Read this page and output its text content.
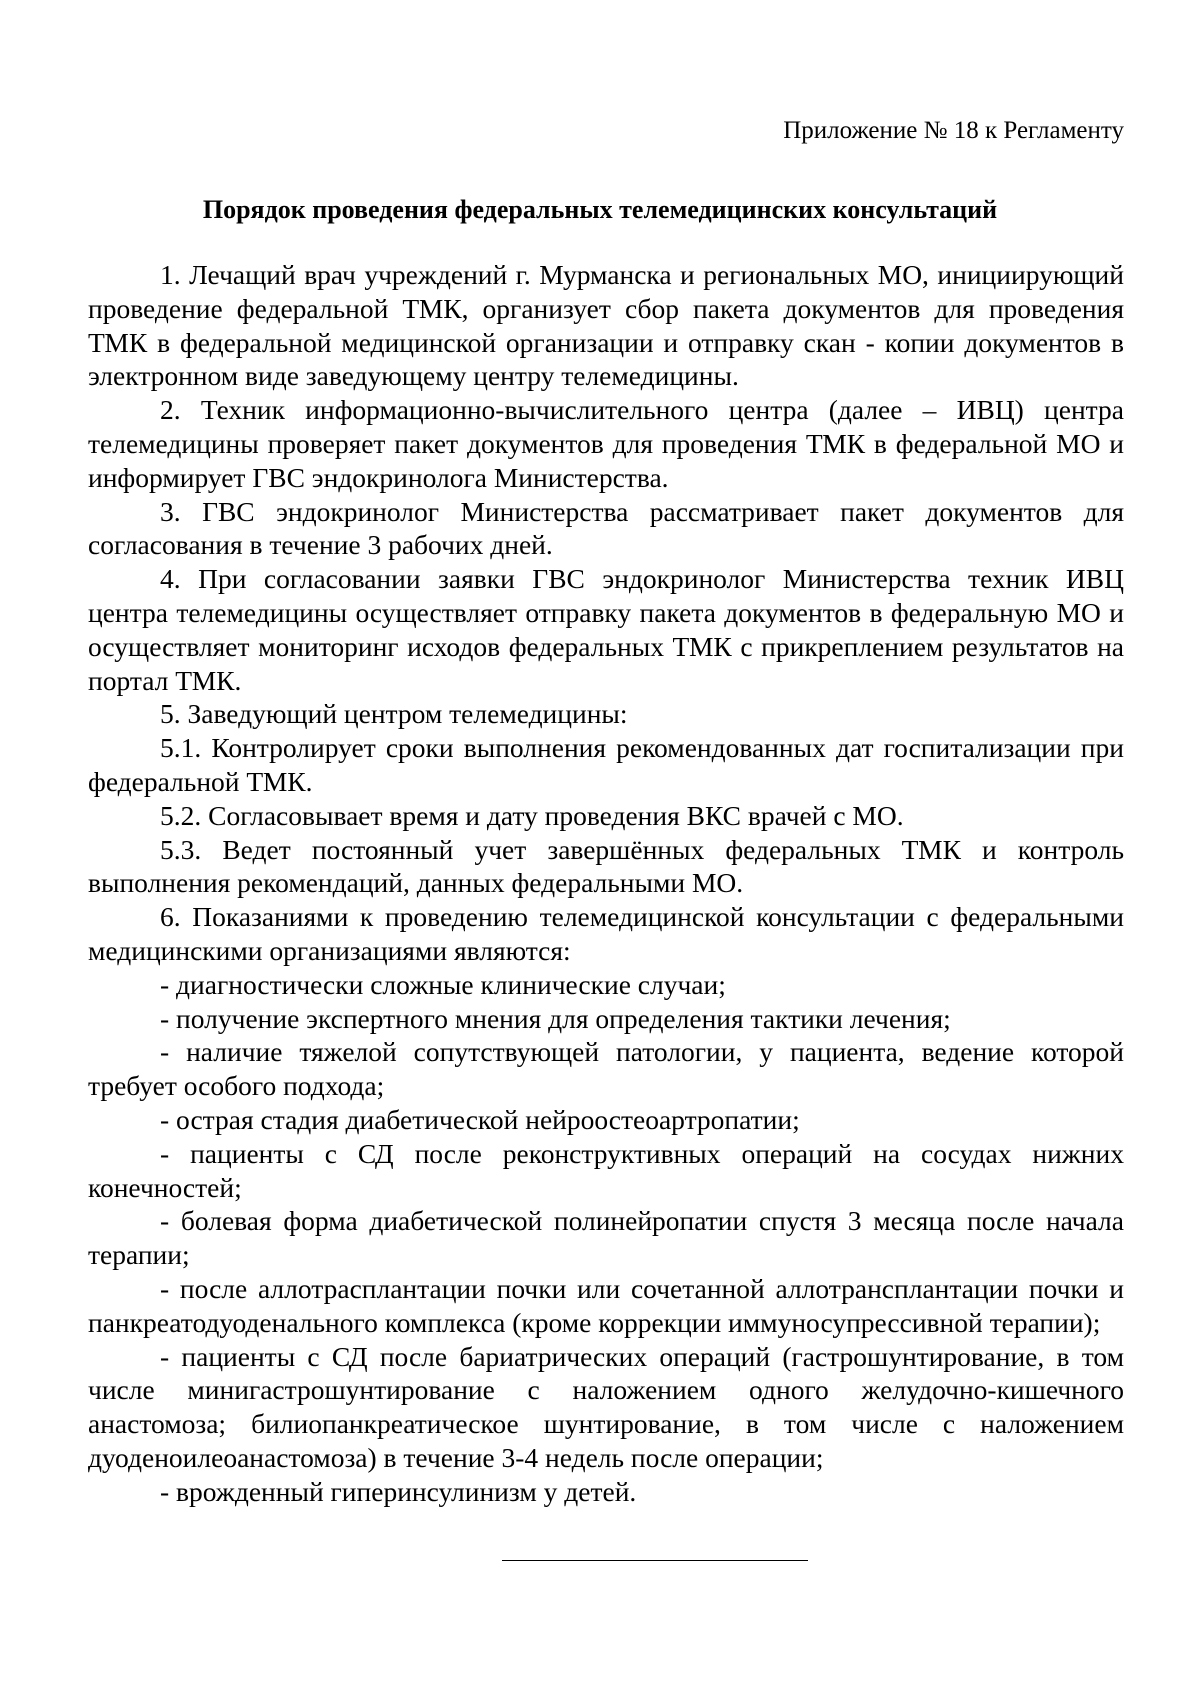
Приложение № 18 к Регламенту
Порядок проведения федеральных телемедицинских консультаций

1. Лечащий врач учреждений г. Мурманска и региональных МО, инициирующий проведение федеральной ТМК, организует сбор пакета документов для проведения ТМК в федеральной медицинской организации и отправку скан - копии документов в электронном виде заведующему центру телемедицины.

2. Техник информационно-вычислительного центра (далее – ИВЦ) центра телемедицины проверяет пакет документов для проведения ТМК в федеральной МО и информирует ГВС эндокринолога Министерства.

3. ГВС эндокринолог Министерства рассматривает пакет документов для согласования в течение 3 рабочих дней.

4. При согласовании заявки ГВС эндокринолог Министерства техник ИВЦ центра телемедицины осуществляет отправку пакета документов в федеральную МО и осуществляет мониторинг исходов федеральных ТМК с прикреплением результатов на портал ТМК.

5. Заведующий центром телемедицины:

5.1. Контролирует сроки выполнения рекомендованных дат госпитализации при федеральной ТМК.

5.2. Согласовывает время и дату проведения ВКС врачей с МО.

5.3. Ведет постоянный учет завершённых федеральных ТМК и контроль выполнения рекомендаций, данных федеральными МО.

6. Показаниями к проведению телемедицинской консультации с федеральными медицинскими организациями являются:

- диагностически сложные клинические случаи;

- получение экспертного мнения для определения тактики лечения;

- наличие тяжелой сопутствующей патологии, у пациента, ведение которой требует особого подхода;

- острая стадия диабетической нейроостеоартропатии;

- пациенты с СД после реконструктивных операций на сосудах нижних конечностей;

- болевая форма диабетической полинейропатии спустя 3 месяца после начала терапии;

- после аллотрасплантации почки или сочетанной аллотрансплантации почки и панкреатодуоденального комплекса (кроме коррекции иммуносупрессивной терапии);

- пациенты с СД после бариатрических операций (гастрошунтирование, в том числе минигастрошунтирование с наложением одного желудочно-кишечного анастомоза; билиопанкреатическое шунтирование, в том числе с наложением дуоденоилеоанастомоза) в течение 3-4 недель после операции;

- врожденный гиперинсулинизм у детей.
